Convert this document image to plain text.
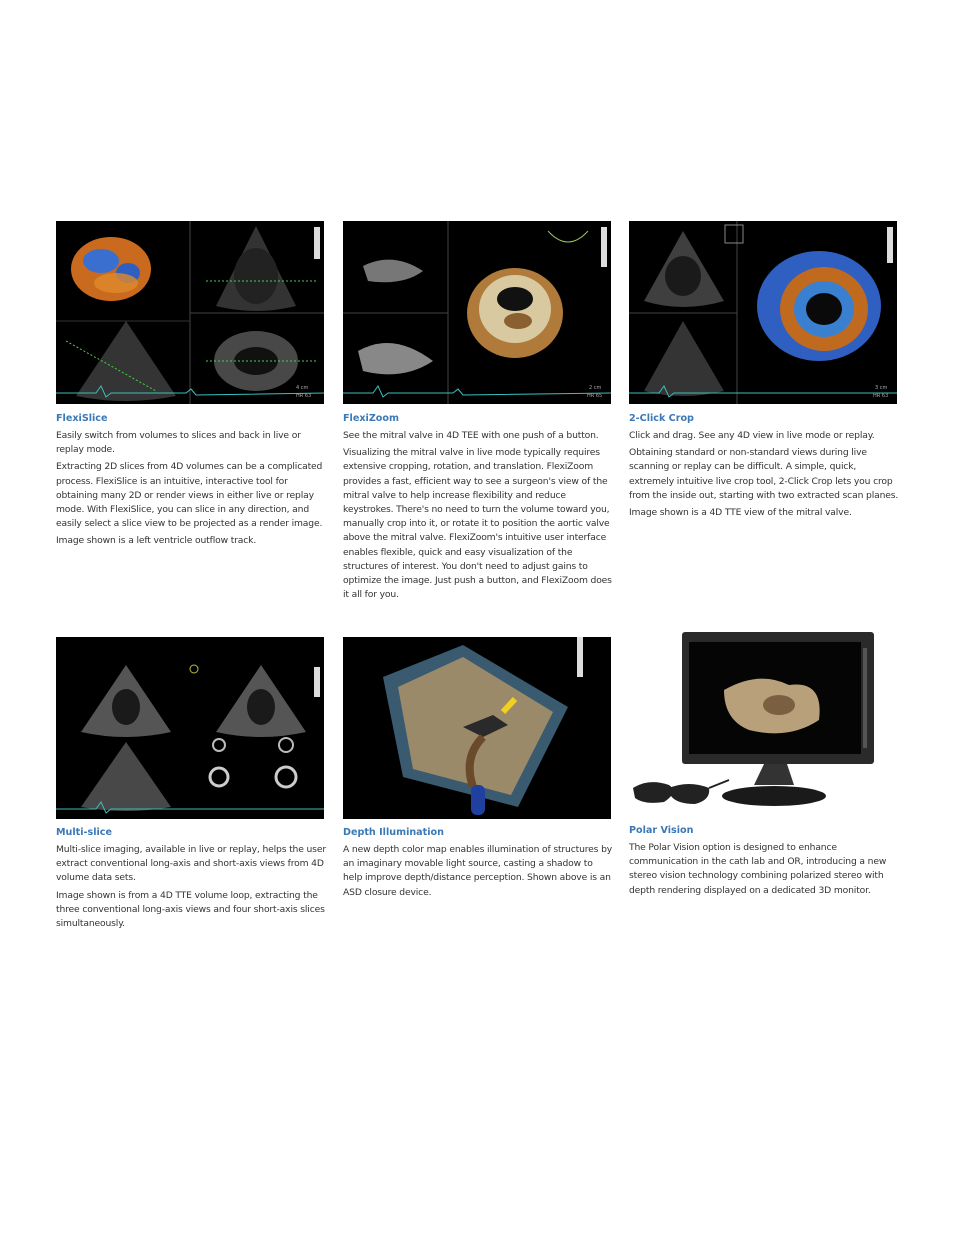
4 cm
HR 63
FlexiSlice

Easily switch from volumes to slices and back in live or replay mode.

Extracting 2D slices from 4D volumes can be a complicated process. FlexiSlice is an intuitive, interactive tool for obtaining many 2D or render views in either live or replay mode. With FlexiSlice, you can slice in any direction, and easily select a slice view to be projected as a render image.

Image shown is a left ventricle outflow track.

2 cm
HR 65
FlexiZoom

See the mitral valve in 4D TEE with one push of a button.

Visualizing the mitral valve in live mode typically requires extensive cropping, rotation, and translation. FlexiZoom provides a fast, efficient way to see a surgeon's view of the mitral valve to help increase flexibility and reduce keystrokes. There's no need to turn the volume toward you, manually crop into it, or rotate it to position the aortic valve above the mitral valve. FlexiZoom's intuitive user interface enables flexible, quick and easy visualization of the structures of interest. You don't need to adjust gains to optimize the image. Just push a button, and FlexiZoom does it all for you.

3 cm
HR 63
2-Click Crop

Click and drag. See any 4D view in live mode or replay.

Obtaining standard or non-standard views during live scanning or replay can be difficult. A simple, quick, extremely intuitive live crop tool, 2-Click Crop lets you crop from the inside out, starting with two extracted scan planes.

Image shown is a 4D TTE view of the mitral valve.

Multi-slice

Multi-slice imaging, available in live or replay, helps the user extract conventional long-axis and short-axis views from 4D volume data sets.

Image shown is from a 4D TTE volume loop, extracting the three conventional long-axis views and four short-axis slices simultaneously.

Depth Illumination

A new depth color map enables illumination of structures by an imaginary movable light source, casting a shadow to help improve depth/distance perception. Shown above is an ASD closure device.

Polar Vision

The Polar Vision option is designed to enhance communication in the cath lab and OR, introducing a new stereo vision technology combining polarized stereo with depth rendering displayed on a dedicated 3D monitor.
